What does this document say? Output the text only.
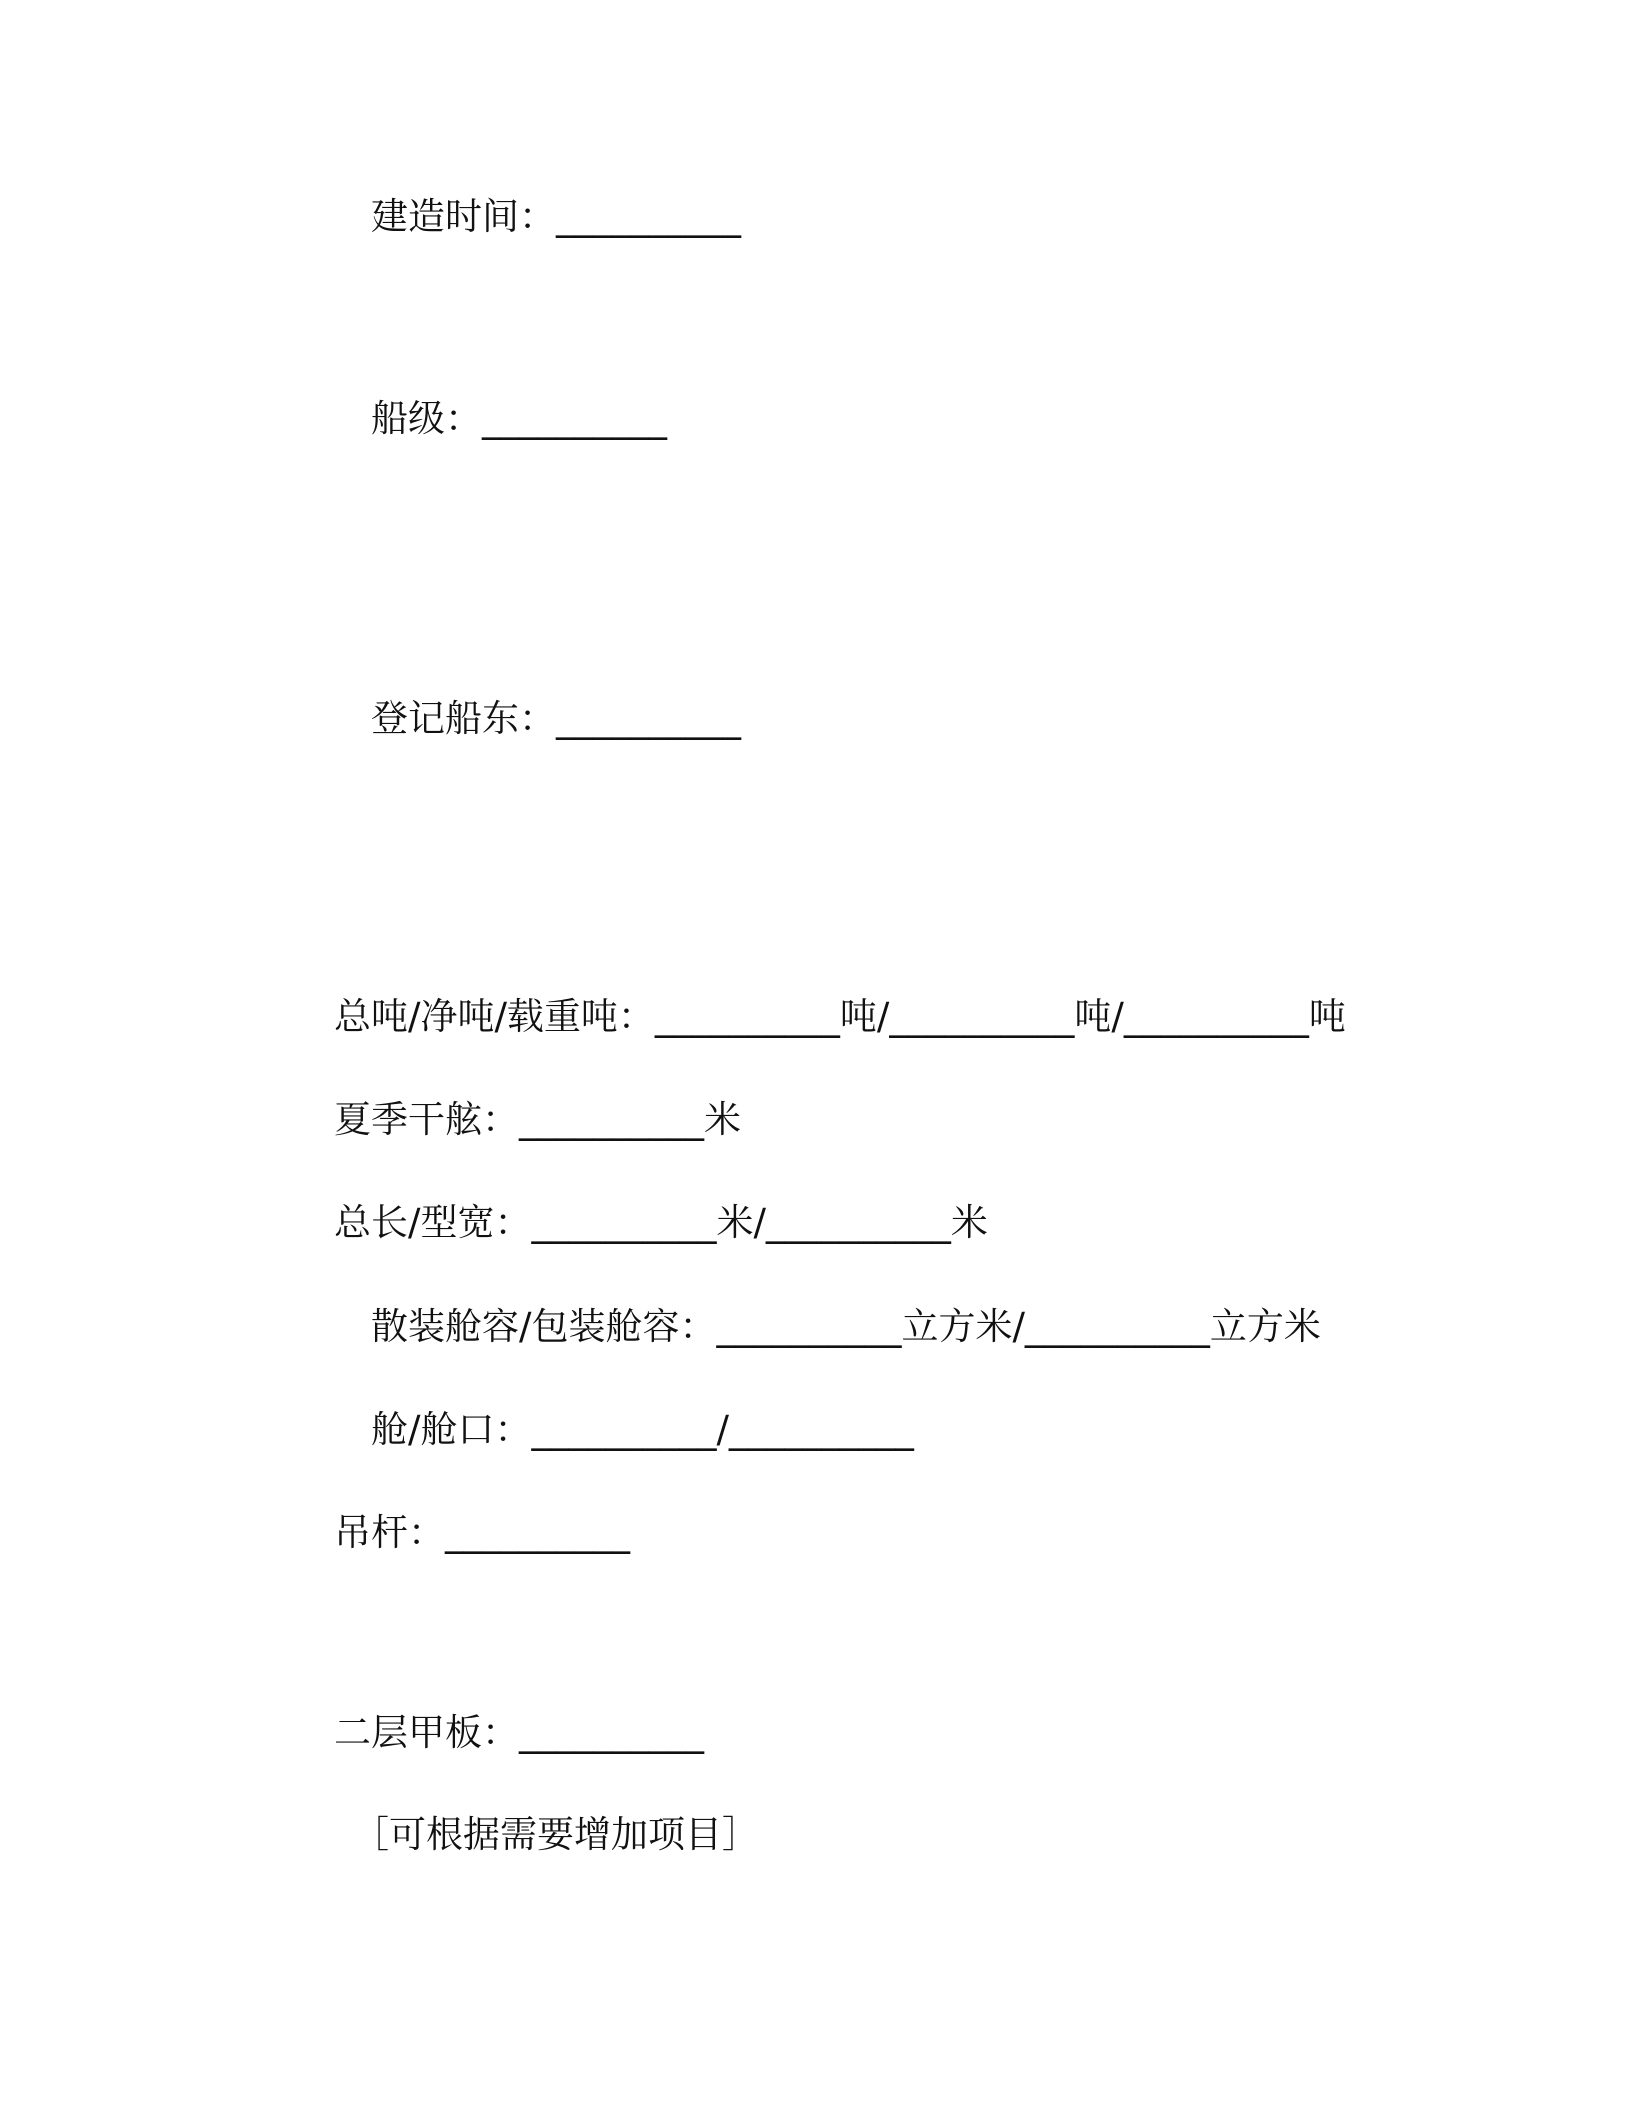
建造时间：__________
船级：__________
登记船东：__________
总吨/净吨/载重吨：__________吨/__________吨/__________吨
夏季干舷：__________米
总长/型宽：__________米/__________米
散装舱容/包装舱容：__________立方米/__________立方米
舱/舱口：__________/__________
吊杆：__________
二层甲板：__________
［可根据需要增加项目］
